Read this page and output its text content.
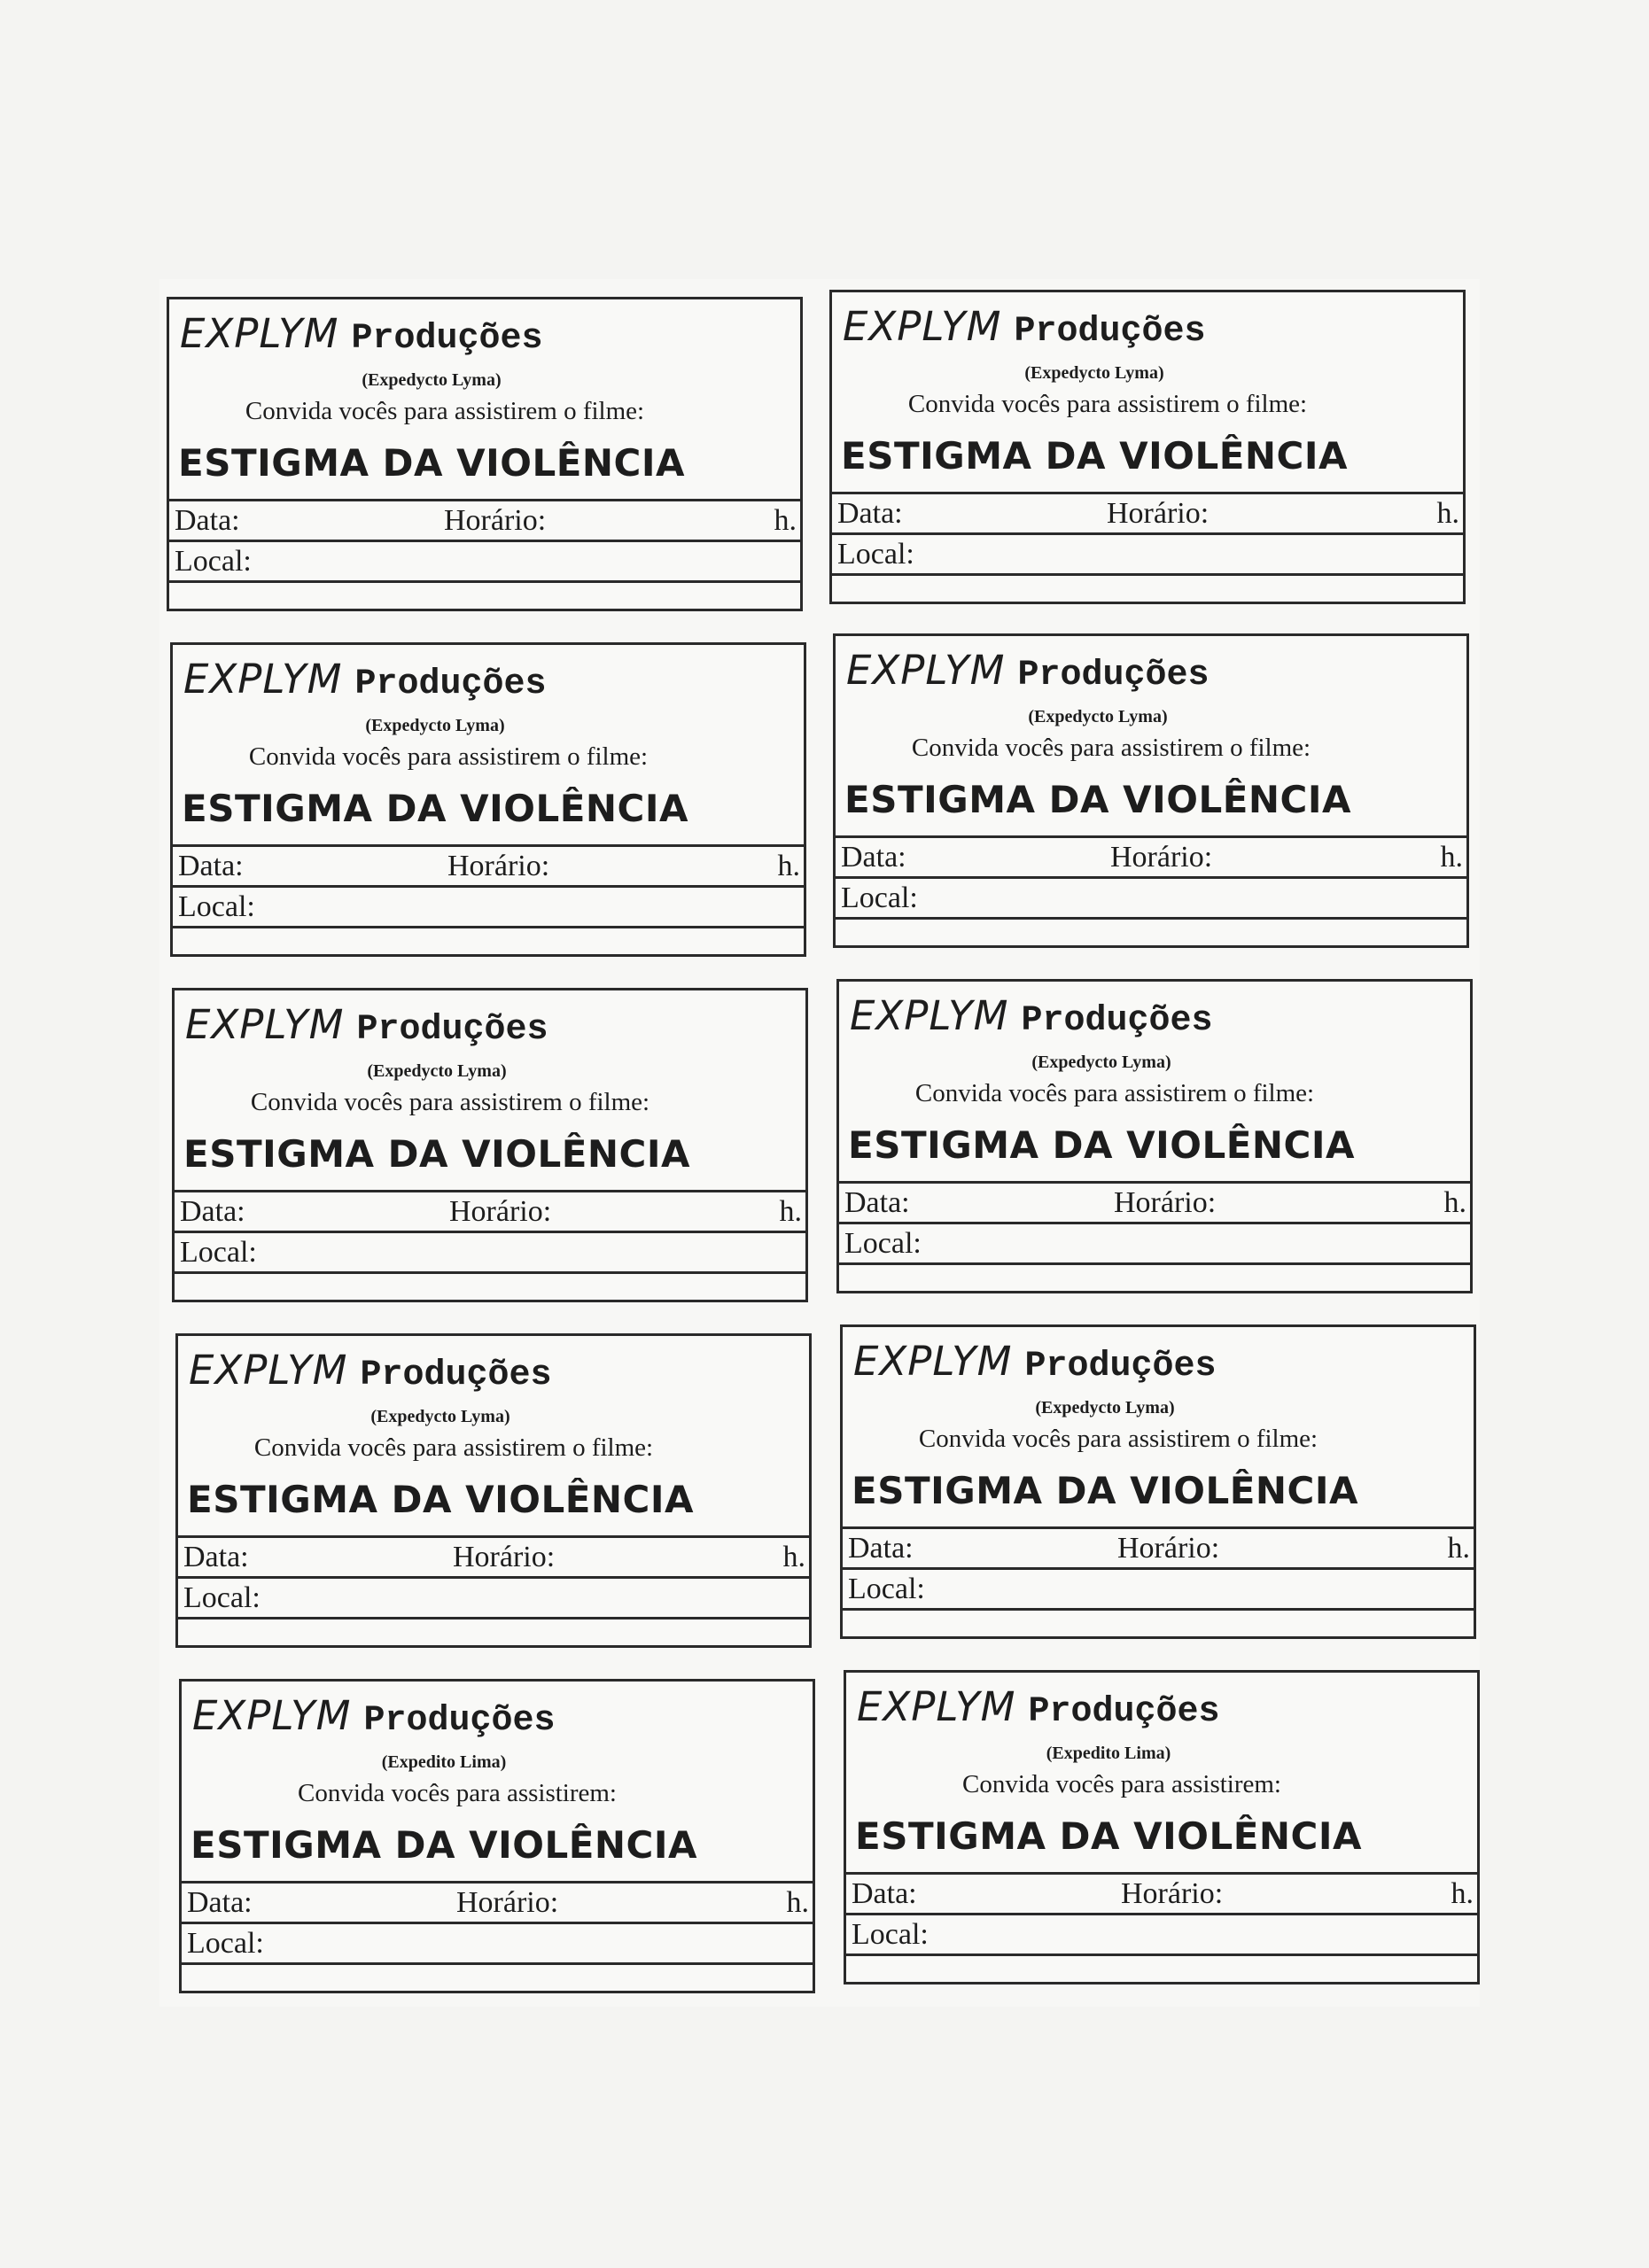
EXPLYM Produções
(Expedycto Lyma)
Convida vocês para assistirem o filme:
ESTIGMA DA VIOLÊNCIA
Data:	Horário:	h.
Local:
EXPLYM Produções
(Expedycto Lyma)
Convida vocês para assistirem o filme:
ESTIGMA DA VIOLÊNCIA
Data:	Horário:	h.
Local:
EXPLYM Produções
(Expedycto Lyma)
Convida vocês para assistirem o filme:
ESTIGMA DA VIOLÊNCIA
Data:	Horário:	h.
Local:
EXPLYM Produções
(Expedycto Lyma)
Convida vocês para assistirem o filme:
ESTIGMA DA VIOLÊNCIA
Data:	Horário:	h.
Local:
EXPLYM Produções
(Expedycto Lyma)
Convida vocês para assistirem o filme:
ESTIGMA DA VIOLÊNCIA
Data:	Horário:	h.
Local:
EXPLYM Produções
(Expedycto Lyma)
Convida vocês para assistirem o filme:
ESTIGMA DA VIOLÊNCIA
Data:	Horário:	h.
Local:
EXPLYM Produções
(Expedycto Lyma)
Convida vocês para assistirem o filme:
ESTIGMA DA VIOLÊNCIA
Data:	Horário:	h.
Local:
EXPLYM Produções
(Expedycto Lyma)
Convida vocês para assistirem o filme:
ESTIGMA DA VIOLÊNCIA
Data:	Horário:	h.
Local:
EXPLYM Produções
(Expedito Lima)
Convida vocês para assistirem:
ESTIGMA DA VIOLÊNCIA
Data:	Horário:	h.
Local:
EXPLYM Produções
(Expedito Lima)
Convida vocês para assistirem:
ESTIGMA DA VIOLÊNCIA
Data:	Horário:	h.
Local:
